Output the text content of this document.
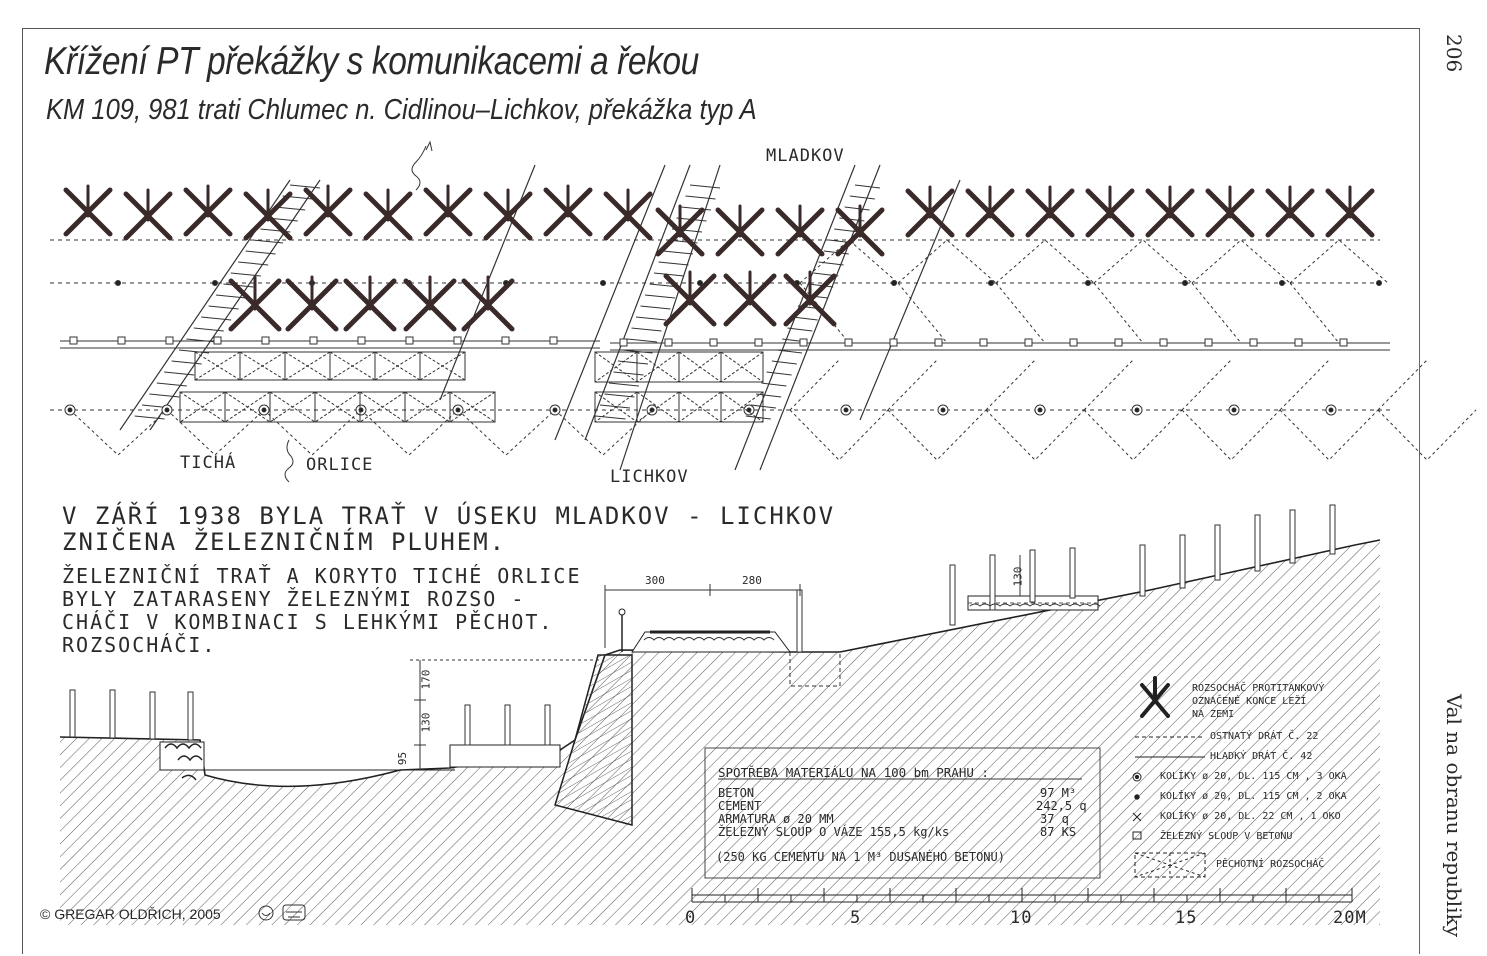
Křížení PT překážky s komunikacemi a řekou
KM 109, 981 trati Chlumec n. Cidlinou–Lichkov, překážka typ A
206
Val na obranu republiky
MLADKOV
TICHÁ	ORLICE
LICHKOV
V ZÁŘÍ 1938 BYLA TRAŤ V ÚSEKU MLADKOV - LICHKOV
ZNIČENA ŽELEZNIČNÍM PLUHEM.
ŽELEZNIČNÍ TRAŤ A KORYTO TICHÉ ORLICE
BYLY ZATARASENY ŽELEZNÝMI ROZSO -
CHÁČI V KOMBINACI S LEHKÝMI PĚCHOT.
ROZSOCHÁČI.
300	280	130
170
130
95
SPOTŘEBA MATERIÁLU NA 100 bm PRAHU :
BETON	97 M³
CEMENT	242,5 q
ARMATURA ø 20 MM	37 q
ŽELEZNÝ SLOUP O VÁZE 155,5 kg/ks	87 KS
(250 KG CEMENTU NA 1 M³ DUSANÉHO BETONU)
ROZSOCHÁČ PROTITANKOVÝ
OZNAČENÉ KONCE LEŽÍ
NA ZEMI
OSTNATÝ DRÁT Č. 22
HLADKÝ DRÁT Č. 42
KOLÍKY ø 20, DL. 115 CM , 3 OKA
KOLÍKY ø 20, DL. 115 CM , 2 OKA
KOLÍKY ø 20, DL. 22 CM , 1 OKO
ŽELEZNÝ SLOUP V BETONU
PĚCHOTNÍ ROZSOCHÁČ
0	5	10	15	20M
© GREGAR OLDŘICH, 2005
